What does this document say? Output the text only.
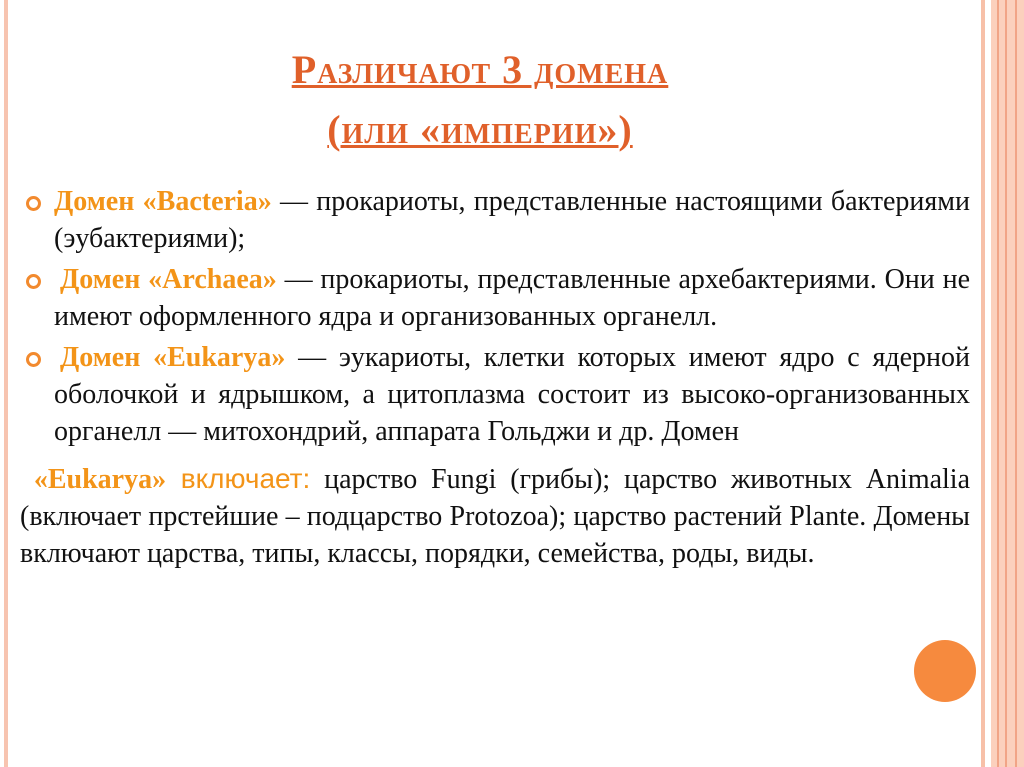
Различают 3 домена
(или «империи»)
Домен «Bacteria» — прокариоты, представленные настоящими бактериями (эубактериями);
Домен «Archaea» — прокариоты, представленные архебактериями. Они не имеют оформленного ядра и организованных органелл.
Домен «Eukarya» — эукариоты, клетки которых имеют ядро с ядерной оболочкой и ядрышком, а цитоплазма состоит из высоко-организованных органелл — митохондрий, аппарата Гольджи и др. Домен
«Eukarya» включает: царство Fungi (грибы); царство животных Animalia (включает прстейшие – подцарство Protozoa); царство растений Plante. Домены включают царства, типы, классы, порядки, семейства, роды, виды.
